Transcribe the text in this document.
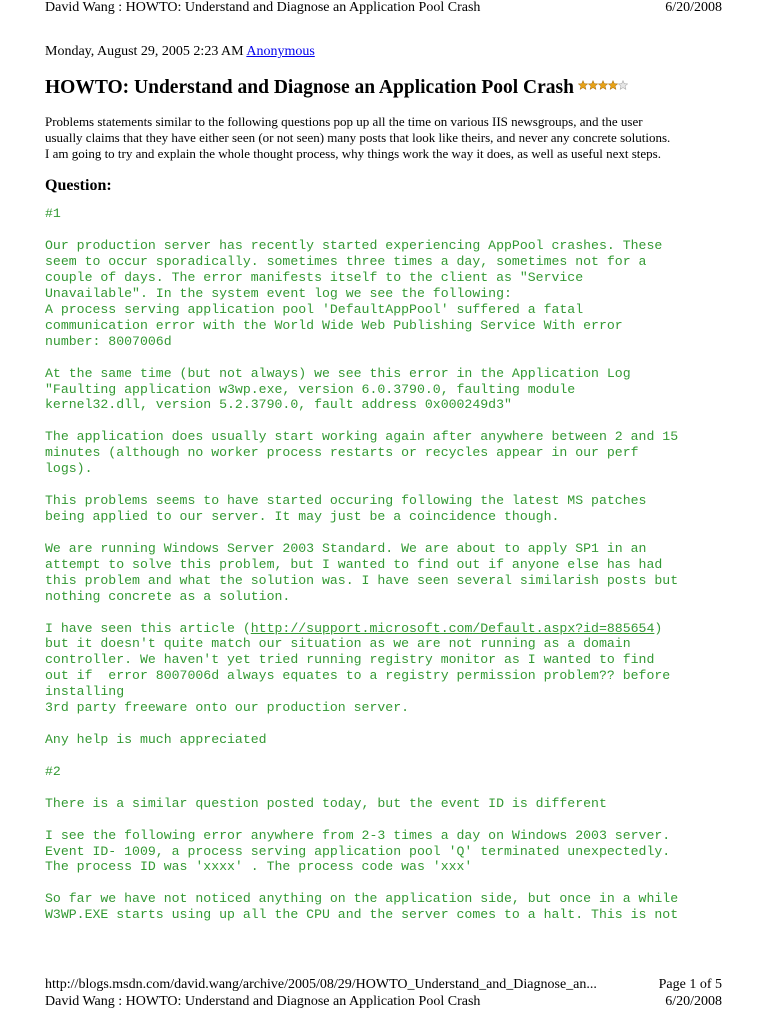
David Wang : HOWTO: Understand and Diagnose an Application Pool Crash	6/20/2008

Monday, August 29, 2005 2:23 AM Anonymous

HOWTO: Understand and Diagnose an Application Pool Crash

Problems statements similar to the following questions pop up all the time on various IIS newsgroups, and the user
usually claims that they have either seen (or not seen) many posts that look like theirs, and never any concrete solutions.
I am going to try and explain the whole thought process, why things work the way it does, as well as useful next steps.

Question:
#1
Our production server has recently started experiencing AppPool crashes. These
seem to occur sporadically. sometimes three times a day, sometimes not for a
couple of days. The error manifests itself to the client as "Service
Unavailable". In the system event log we see the following:
A process serving application pool 'DefaultAppPool' suffered a fatal
communication error with the World Wide Web Publishing Service With error
number: 8007006d
At the same time (but not always) we see this error in the Application Log
"Faulting application w3wp.exe, version 6.0.3790.0, faulting module
kernel32.dll, version 5.2.3790.0, fault address 0x000249d3"
The application does usually start working again after anywhere between 2 and 15
minutes (although no worker process restarts or recycles appear in our perf
logs).
This problems seems to have started occuring following the latest MS patches
being applied to our server. It may just be a coincidence though.
We are running Windows Server 2003 Standard. We are about to apply SP1 in an
attempt to solve this problem, but I wanted to find out if anyone else has had
this problem and what the solution was. I have seen several similarish posts but
nothing concrete as a solution.
I have seen this article (http://support.microsoft.com/Default.aspx?id=885654)
but it doesn't quite match our situation as we are not running as a domain
controller. We haven't yet tried running registry monitor as I wanted to find
out if  error 8007006d always equates to a registry permission problem?? before
installing
3rd party freeware onto our production server.
Any help is much appreciated
#2
There is a similar question posted today, but the event ID is different
I see the following error anywhere from 2-3 times a day on Windows 2003 server.
Event ID- 1009, a process serving application pool 'Q' terminated unexpectedly.
The process ID was 'xxxx' . The process code was 'xxx'
So far we have not noticed anything on the application side, but once in a while
W3WP.EXE starts using up all the CPU and the server comes to a halt. This is not
http://blogs.msdn.com/david.wang/archive/2005/08/29/HOWTO_Understand_and_Diagnose_an...	Page 1 of 5
David Wang : HOWTO: Understand and Diagnose an Application Pool Crash	6/20/2008
